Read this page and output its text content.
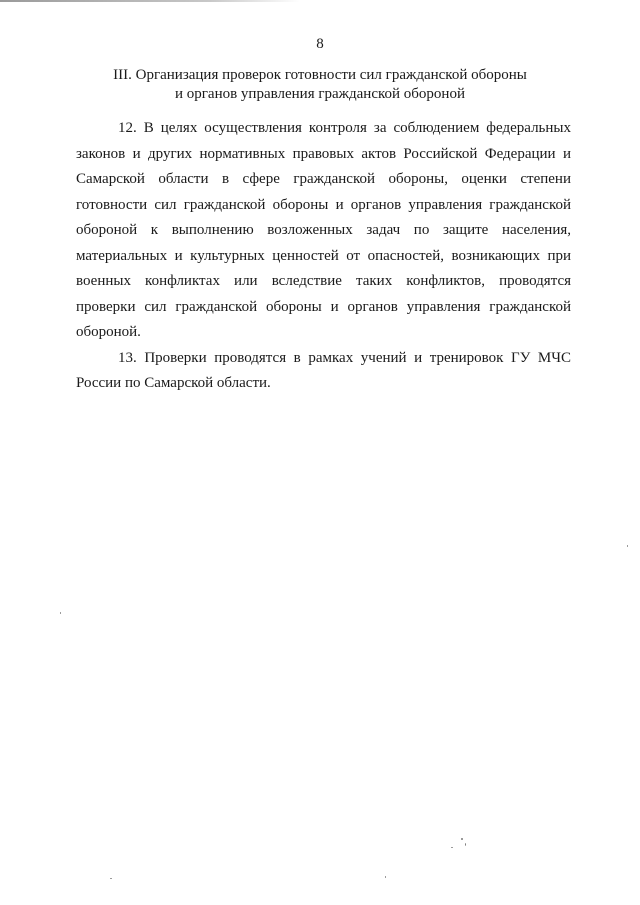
8
III. Организация проверок готовности сил гражданской обороны
и органов управления гражданской обороной

12. В целях осуществления контроля за соблюдением федеральных законов и других нормативных правовых актов Российской Федерации и Самарской области в сфере гражданской обороны, оценки степени готовности сил гражданской обороны и органов управления гражданской обороной к выполнению возложенных задач по защите населения, материальных и культурных ценностей от опасностей, возникающих при военных конфликтах или вследствие таких конфликтов, проводятся проверки сил гражданской обороны и органов управления гражданской обороной.

13. Проверки проводятся в рамках учений и тренировок ГУ МЧС России по Самарской области.
